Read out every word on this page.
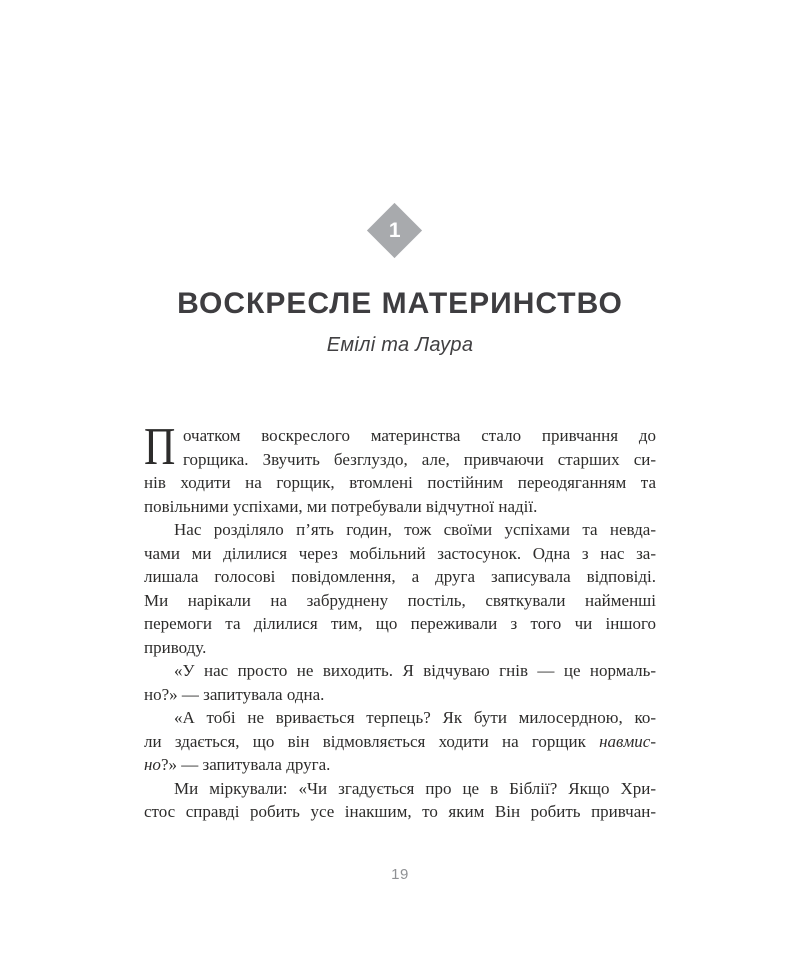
1
ВОСКРЕСЛЕ МАТЕРИНСТВО
Емілі та Лаура
П очатком воскреслого материнства стало привчання до
горщика. Звучить безглуздо, але, привчаючи старших си-
нів ходити на горщик, втомлені постійним переодяганням та
повільними успіхами, ми потребували відчутної надії.
Нас розділяло п’ять годин, тож своїми успіхами та невда-
чами ми ділилися через мобільний застосунок. Одна з нас за-
лишала голосові повідомлення, а друга записувала відповіді.
Ми нарікали на забруднену постіль, святкували найменші
перемоги та ділилися тим, що переживали з того чи іншого
приводу.
«У нас просто не виходить. Я відчуваю гнів — це нормаль-
но?» — запитувала одна.
«А тобі не вривається терпець? Як бути милосердною, ко-
ли здається, що він відмовляється ходити на горщик навмис-
но?» — запитувала друга.
Ми міркували: «Чи згадується про це в Біблії? Якщо Хри-
стос справді робить усе інакшим, то яким Він робить привчан-
19
